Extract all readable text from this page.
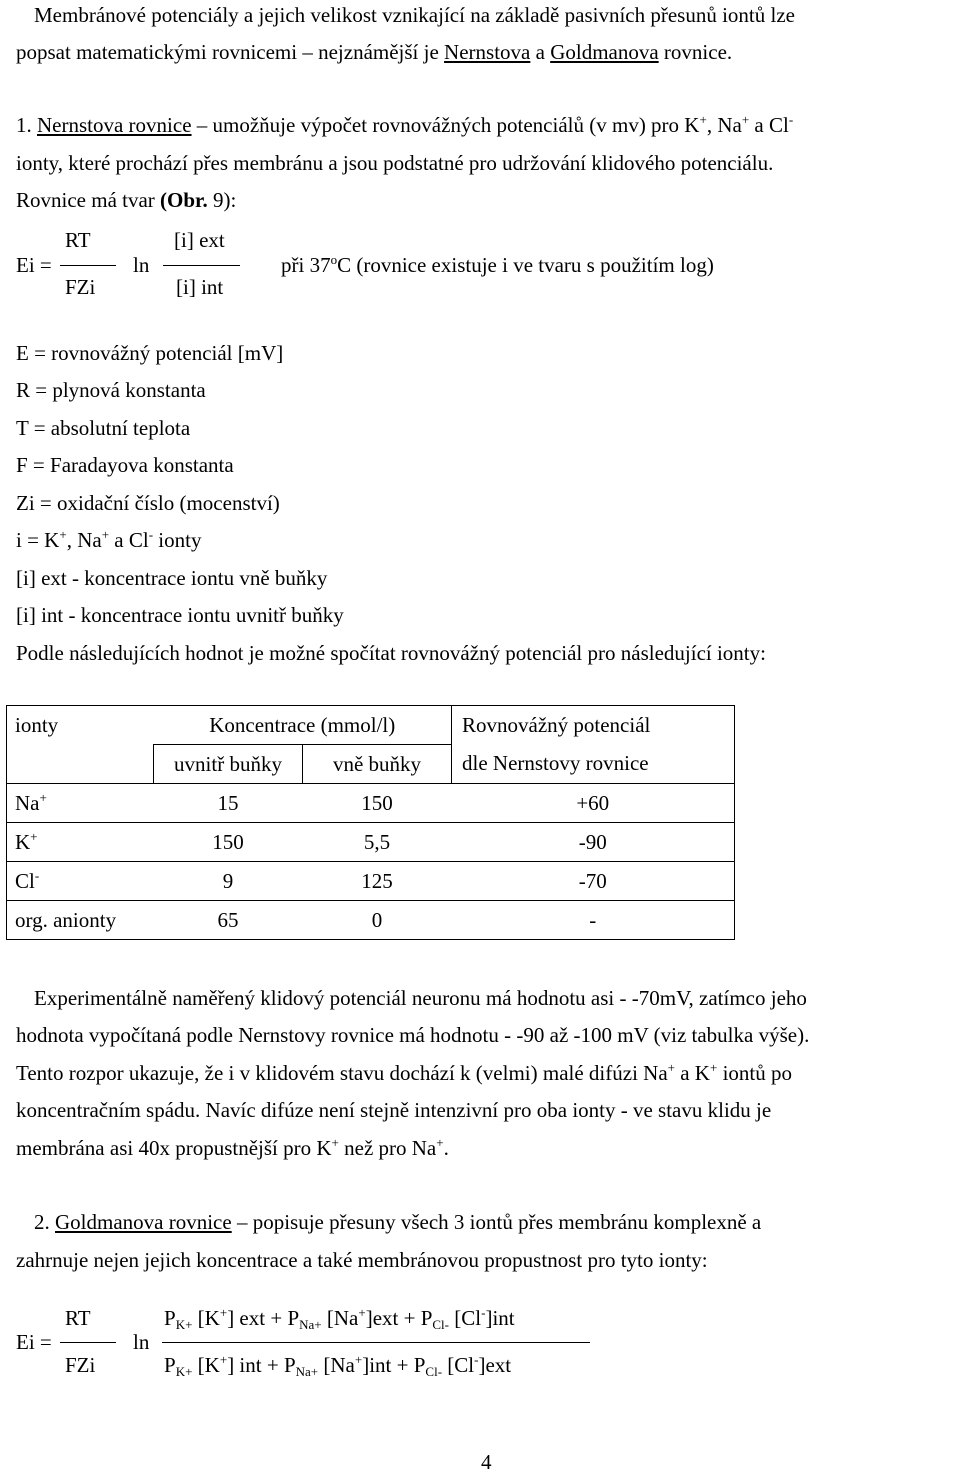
Membránové potenciály a jejich velikost vznikající na základě pasivních přesunů iontů lze
popsat matematickými rovnicemi – nejznámější je Nernstova a Goldmanova rovnice.
1. Nernstova rovnice – umožňuje výpočet rovnovážných potenciálů (v mv) pro K+, Na+ a Cl-
ionty, které prochází přes membránu a jsou podstatné pro udržování klidového potenciálu.
Rovnice má tvar (Obr. 9):
Ei =
RT
FZi
ln
[i] ext
[i] int
při 37$^o$C (rovnice existuje i ve tvaru s použitím log)
E = rovnovážný potenciál [mV]
R = plynová konstanta
T = absolutní teplota
F = Faradayova konstanta
Zi = oxidační číslo (mocenství)
i = K+, Na+ a Cl- ionty
[i] ext - koncentrace iontu vně buňky
[i] int - koncentrace iontu uvnitř buňky
Podle následujících hodnot je možné spočítat rovnovážný potenciál pro následující ionty:
ionty	Koncentrace (mmol/l)		Rovnovážný potenciál
	uvnitř buňky	vně buňky	dle Nernstovy rovnice
Na+	15	150	+60
K+	150	5,5	-90
Cl-	9	125	-70
org. anionty	65	0	-
Experimentálně naměřený klidový potenciál neuronu má hodnotu asi - -70mV, zatímco jeho
hodnota vypočítaná podle Nernstovy rovnice má hodnotu - -90 až -100 mV (viz tabulka výše).
Tento rozpor ukazuje, že i v klidovém stavu dochází k (velmi) malé difúzi Na+ a K+ iontů po
koncentračním spádu. Navíc difúze není stejně intenzivní pro oba ionty - ve stavu klidu je
membrána asi 40x propustnější pro K+ než pro Na+.
2. Goldmanova rovnice – popisuje přesuny všech 3 iontů přes membránu komplexně a
zahrnuje nejen jejich koncentrace a také membránovou propustnost pro tyto ionty:
Ei =
RT
FZi
ln
$P_{K+}$ [K+] ext + $P_{Na+}$ $[Na^+]ext + P_{Cl-}$ [Cl-]int
$P_{K+}$ [K+] int + $P_{Na+}$ $[Na^+]int + P_{Cl-}$ [Cl-]ext
4
